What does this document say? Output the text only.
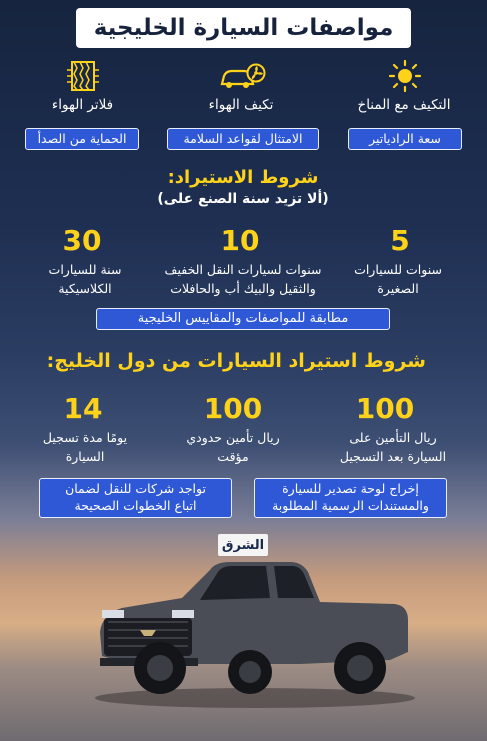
مواصفات السيارة الخليجية
التكيف مع المناخ
تكيف الهواء
فلاتر الهواء
سعة الرادياتير
الامتثال لقواعد السلامة
الحماية من الصدأ
شروط الاستيراد:
(ألا تزيد سنة الصنع على)
5
10
30
سنوات للسيارات
الصغيرة
سنوات لسيارات النقل الخفيف
والثقيل والبيك أب والحافلات
سنة للسيارات
الكلاسيكية
مطابقة للمواصفات والمقاييس الخليجية
شروط استيراد السيارات من دول الخليج:
100
100
14
ريال التأمين على
السيارة بعد التسجيل
ريال تأمين حدودي
مؤقت
يومًا مدة تسجيل
السيارة
إخراج لوحة تصدير للسيارة
والمستندات الرسمية المطلوبة
تواجد شركات للنقل لضمان
اتباع الخطوات الصحيحة
الشرق
